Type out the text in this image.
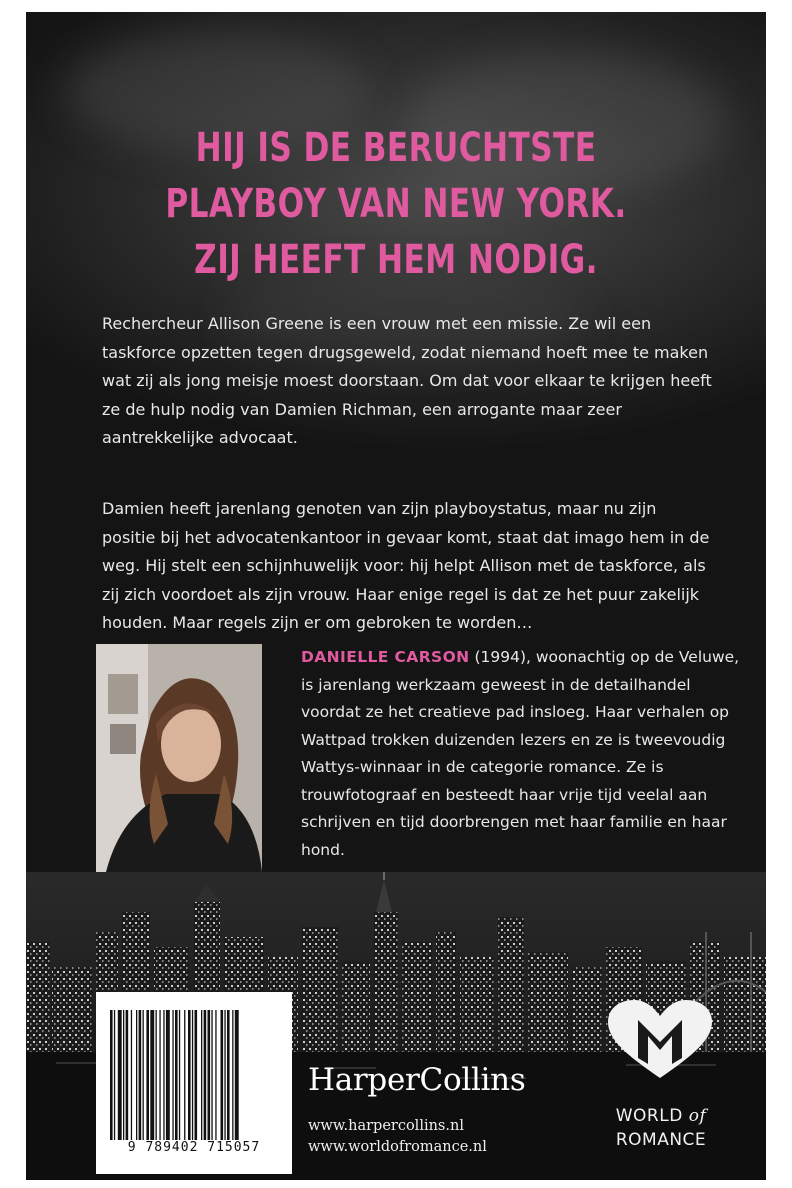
HIJ IS DE BERUCHTSTE
PLAYBOY VAN NEW YORK.
ZIJ HEEFT HEM NODIG.

Rechercheur Allison Greene is een vrouw met een missie. Ze wil een taskforce opzetten tegen drugsgeweld, zodat niemand hoeft mee te maken wat zij als jong meisje moest doorstaan. Om dat voor elkaar te krijgen heeft ze de hulp nodig van Damien Richman, een arrogante maar zeer aantrekkelijke advocaat.

Damien heeft jarenlang genoten van zijn playboystatus, maar nu zijn positie bij het advocatenkantoor in gevaar komt, staat dat imago hem in de weg. Hij stelt een schijnhuwelijk voor: hij helpt Allison met de taskforce, als zij zich voordoet als zijn vrouw. Haar enige regel is dat ze het puur zakelijk houden. Maar regels zijn er om gebroken te worden…

DANIELLE CARSON (1994), woonachtig op de Veluwe, is jarenlang werkzaam geweest in de detailhandel voordat ze het creatieve pad insloeg. Haar verhalen op Wattpad trokken duizenden lezers en ze is tweevoudig Wattys-winnaar in de categorie romance. Ze is trouwfotograaf en besteedt haar vrije tijd veelal aan schrijven en tijd doorbrengen met haar familie en haar hond.
9 789402 715057
HarperCollins
www.harpercollins.nl
www.worldofromance.nl
WORLD of
ROMANCE
